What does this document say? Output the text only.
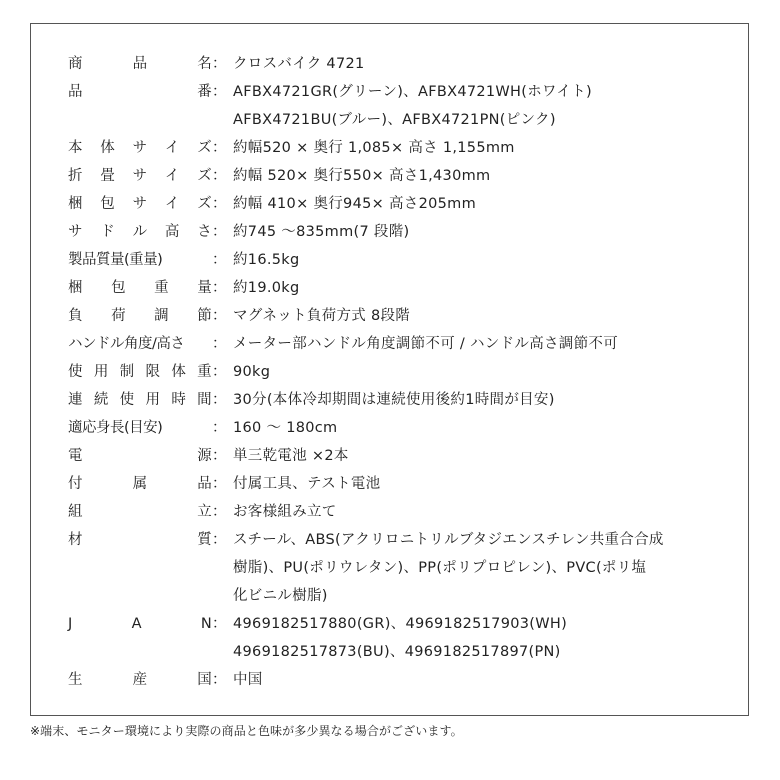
商	品	名 ： クロスバイク 4721
品	番 ： AFBX4721GR(グリーン)、AFBX4721WH(ホワイト)
AFBX4721BU(ブルー)、AFBX4721PN(ピンク)
本 体 サ イ ズ ： 約幅520 × 奥行 1,085× 高さ 1,155mm
折 畳 サ イ ズ ： 約幅 520× 奥行550× 高さ1,430mm
梱 包 サ イ ズ ： 約幅 410× 奥行945× 高さ205mm
サ ド ル 高 さ ： 約745 ～835mm(7 段階)
製品質量(重量)	： 約16.5kg
梱 包 重 量 ： 約19.0kg
負 荷 調 節 ： マグネット負荷方式 8段階
ハンドル角度/高さ ： メーター部ハンドル角度調節不可 / ハンドル高さ調節不可
使 用 制 限 体 重 ： 90kg
連 続 使 用 時 間 ： 30分(本体冷却期間は連続使用後約1時間が目安)
適応身長(目安)	： 160 ～ 180cm
電	源 ： 単三乾電池 ×2本
付	属	品 ： 付属工具、テスト電池
組	立 ： お客様組み立て
材	質 ： スチール、ABS(アクリロニトリルブタジエンスチレン共重合合成
樹脂)、PU(ポリウレタン)、PP(ポリプロピレン)、PVC(ポリ塩
化ビニル樹脂)
J	A	N ： 4969182517880(GR)、4969182517903(WH)
4969182517873(BU)、4969182517897(PN)
生	産	国 ： 中国
※端末、モニター環境により実際の商品と色味が多少異なる場合がございます。
